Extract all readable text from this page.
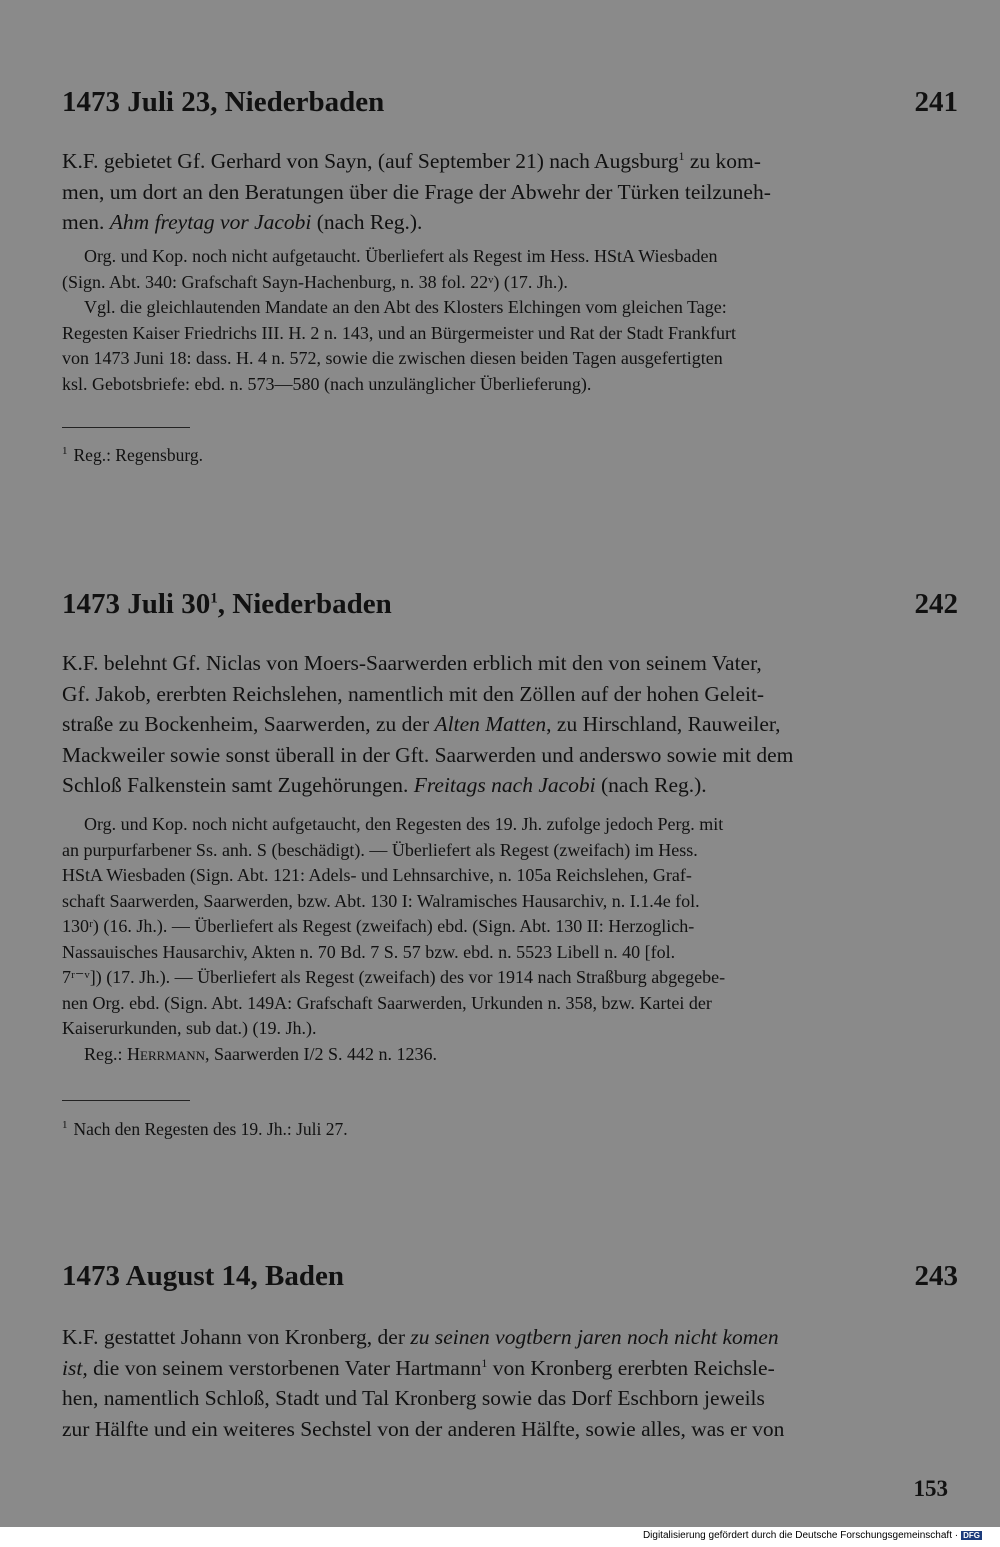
1473 Juli 23, Niederbaden	241
K.F. gebietet Gf. Gerhard von Sayn, (auf September 21) nach Augsburg$^1$ zu kom-
men, um dort an den Beratungen über die Frage der Abwehr der Türken teilzuneh-
men. Ahm freytag vor Jacobi (nach Reg.).
Org. und Kop. noch nicht aufgetaucht. Überliefert als Regest im Hess. HStA Wiesbaden
(Sign. Abt. 340: Grafschaft Sayn-Hachenburg, n. 38 fol. 22ᵛ) (17. Jh.).
Vgl. die gleichlautenden Mandate an den Abt des Klosters Elchingen vom gleichen Tage:
Regesten Kaiser Friedrichs III. H. 2 n. 143, und an Bürgermeister und Rat der Stadt Frankfurt
von 1473 Juni 18: dass. H. 4 n. 572, sowie die zwischen diesen beiden Tagen ausgefertigten
ksl. Gebotsbriefe: ebd. n. 573—580 (nach unzulänglicher Überlieferung).
$^1$ Reg.: Regensburg.
1473 Juli $30^1$, Niederbaden	242
K.F. belehnt Gf. Niclas von Moers-Saarwerden erblich mit den von seinem Vater,
Gf. Jakob, ererbten Reichslehen, namentlich mit den Zöllen auf der hohen Geleit-
straße zu Bockenheim, Saarwerden, zu der Alten Matten, zu Hirschland, Rauweiler,
Mackweiler sowie sonst überall in der Gft. Saarwerden und anderswo sowie mit dem
Schloß Falkenstein samt Zugehörungen. Freitags nach Jacobi (nach Reg.).
Org. und Kop. noch nicht aufgetaucht, den Regesten des 19. Jh. zufolge jedoch Perg. mit
an purpurfarbener Ss. anh. S (beschädigt). — Überliefert als Regest (zweifach) im Hess.
HStA Wiesbaden (Sign. Abt. 121: Adels- und Lehnsarchive, n. 105a Reichslehen, Graf-
schaft Saarwerden, Saarwerden, bzw. Abt. 130 I: Walramisches Hausarchiv, n. I.1.4e fol.
130ʳ) (16. Jh.). — Überliefert als Regest (zweifach) ebd. (Sign. Abt. 130 II: Herzoglich-
Nassauisches Hausarchiv, Akten n. 70 Bd. 7 S. 57 bzw. ebd. n. 5523 Libell n. 40 [fol.
7ʳ⁻ᵛ]) (17. Jh.). — Überliefert als Regest (zweifach) des vor 1914 nach Straßburg abgegebe-
nen Org. ebd. (Sign. Abt. 149A: Grafschaft Saarwerden, Urkunden n. 358, bzw. Kartei der
Kaiserurkunden, sub dat.) (19. Jh.).
Reg.: Herrmann, Saarwerden I/2 S. 442 n. 1236.
$^1$ Nach den Regesten des 19. Jh.: Juli 27.
1473 August 14, Baden	243
K.F. gestattet Johann von Kronberg, der zu seinen vogtbern jaren noch nicht komen
ist, die von seinem verstorbenen Vater Hartmann$^1$ von Kronberg ererbten Reichsle-
hen, namentlich Schloß, Stadt und Tal Kronberg sowie das Dorf Eschborn jeweils
zur Hälfte und ein weiteres Sechstel von der anderen Hälfte, sowie alles, was er von
153
Digitalisierung gefördert durch die Deutsche Forschungsgemeinschaft · DFG
